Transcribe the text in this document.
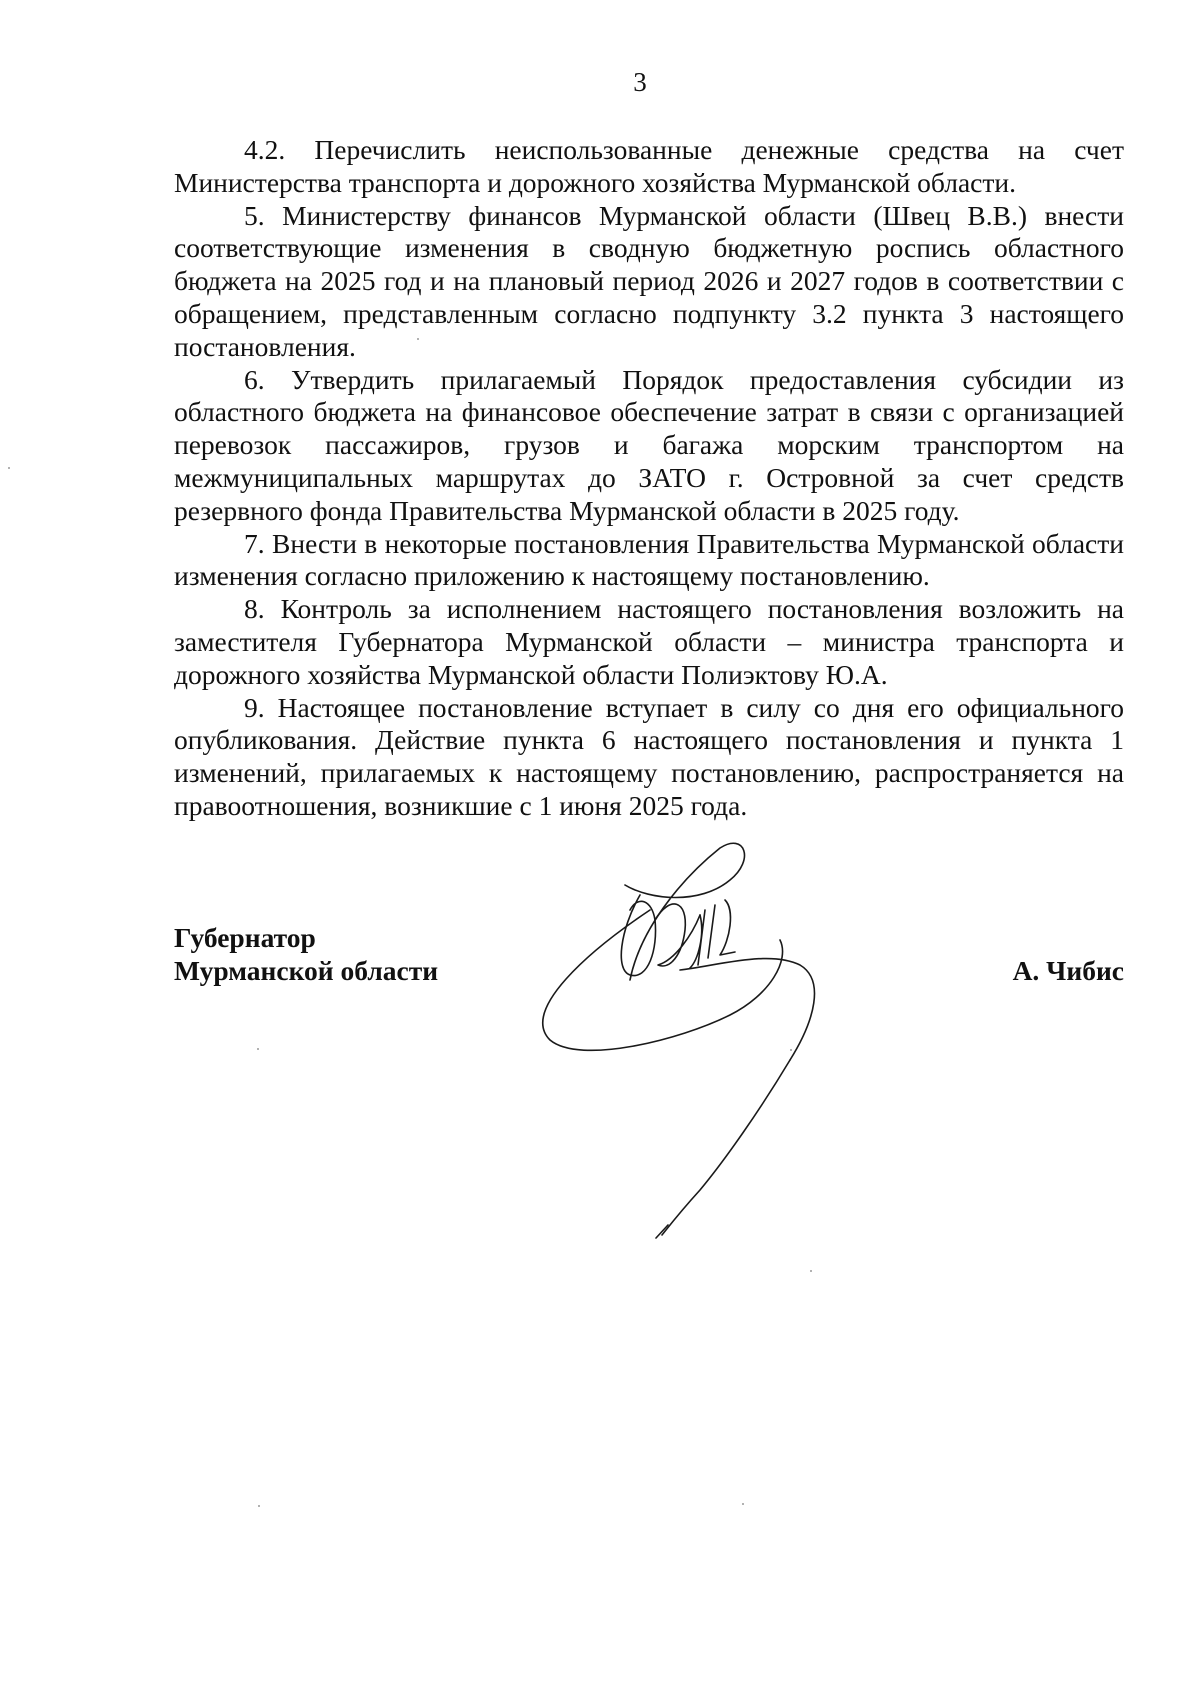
3

4.2. Перечислить неиспользованные денежные средства на счет Министерства транспорта и дорожного хозяйства Мурманской области.

5. Министерству финансов Мурманской области (Швец В.В.) внести соответствующие изменения в сводную бюджетную роспись областного бюджета на 2025 год и на плановый период 2026 и 2027 годов в соответствии с обращением, представленным согласно подпункту 3.2 пункта 3 настоящего постановления.

6. Утвердить прилагаемый Порядок предоставления субсидии из областного бюджета на финансовое обеспечение затрат в связи с организацией перевозок пассажиров, грузов и багажа морским транспортом на межмуниципальных маршрутах до ЗАТО г. Островной за счет средств резервного фонда Правительства Мурманской области в 2025 году.

7. Внести в некоторые постановления Правительства Мурманской области изменения согласно приложению к настоящему постановлению.

8. Контроль за исполнением настоящего постановления возложить на заместителя Губернатора Мурманской области – министра транспорта и дорожного хозяйства Мурманской области Полиэктову Ю.А.

9. Настоящее постановление вступает в силу со дня его официального опубликования. Действие пункта 6 настоящего постановления и пункта 1 изменений, прилагаемых к настоящему постановлению, распространяется на правоотношения, возникшие с 1 июня 2025 года.

Губернатор
Мурманской области	А. Чибис
